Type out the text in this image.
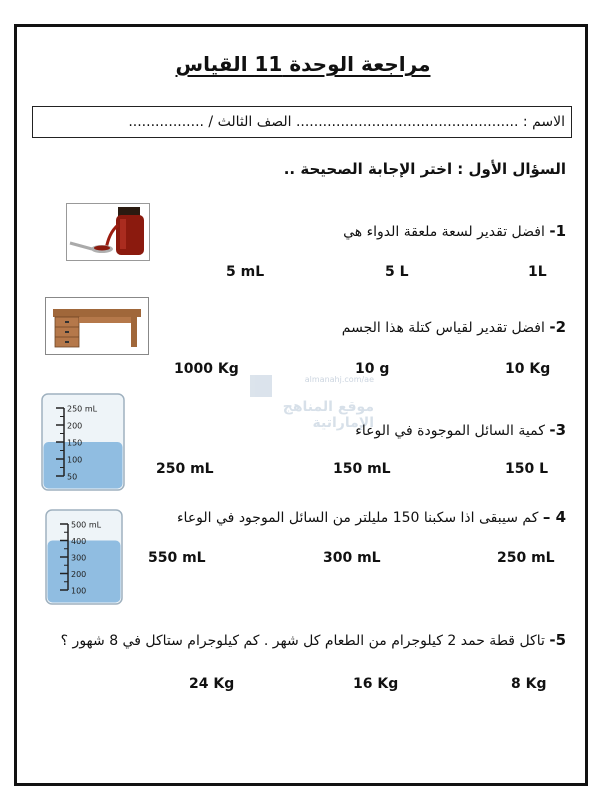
مراجعة الوحدة 11 القياس
الاسم : .................................................. الصف الثالث / .................
السؤال الأول : اختر الإجابة الصحيحة ..
almanahj.com/ae
موقع المناهج الإماراتية
1- افضل تقدير لسعة ملعقة الدواء هي
1L
5 L
5 mL
2- افضل تقدير لقياس كتلة هذا الجسم
10 Kg
10 g
1000 Kg
3- كمية السائل الموجودة في الوعاء
250 mL
200
150
100
50	150 L
150 mL
250 mL
4 – كم سيبقى اذا سكبنا 150 مليلتر من السائل الموجود في الوعاء
500 mL
400
300
200
100
250 mL
300 mL
550 mL
5- تاكل قطة حمد 2 كيلوجرام من الطعام كل شهر . كم كيلوجرام ستاكل في 8 شهور ؟
8 Kg
16 Kg
24 Kg
